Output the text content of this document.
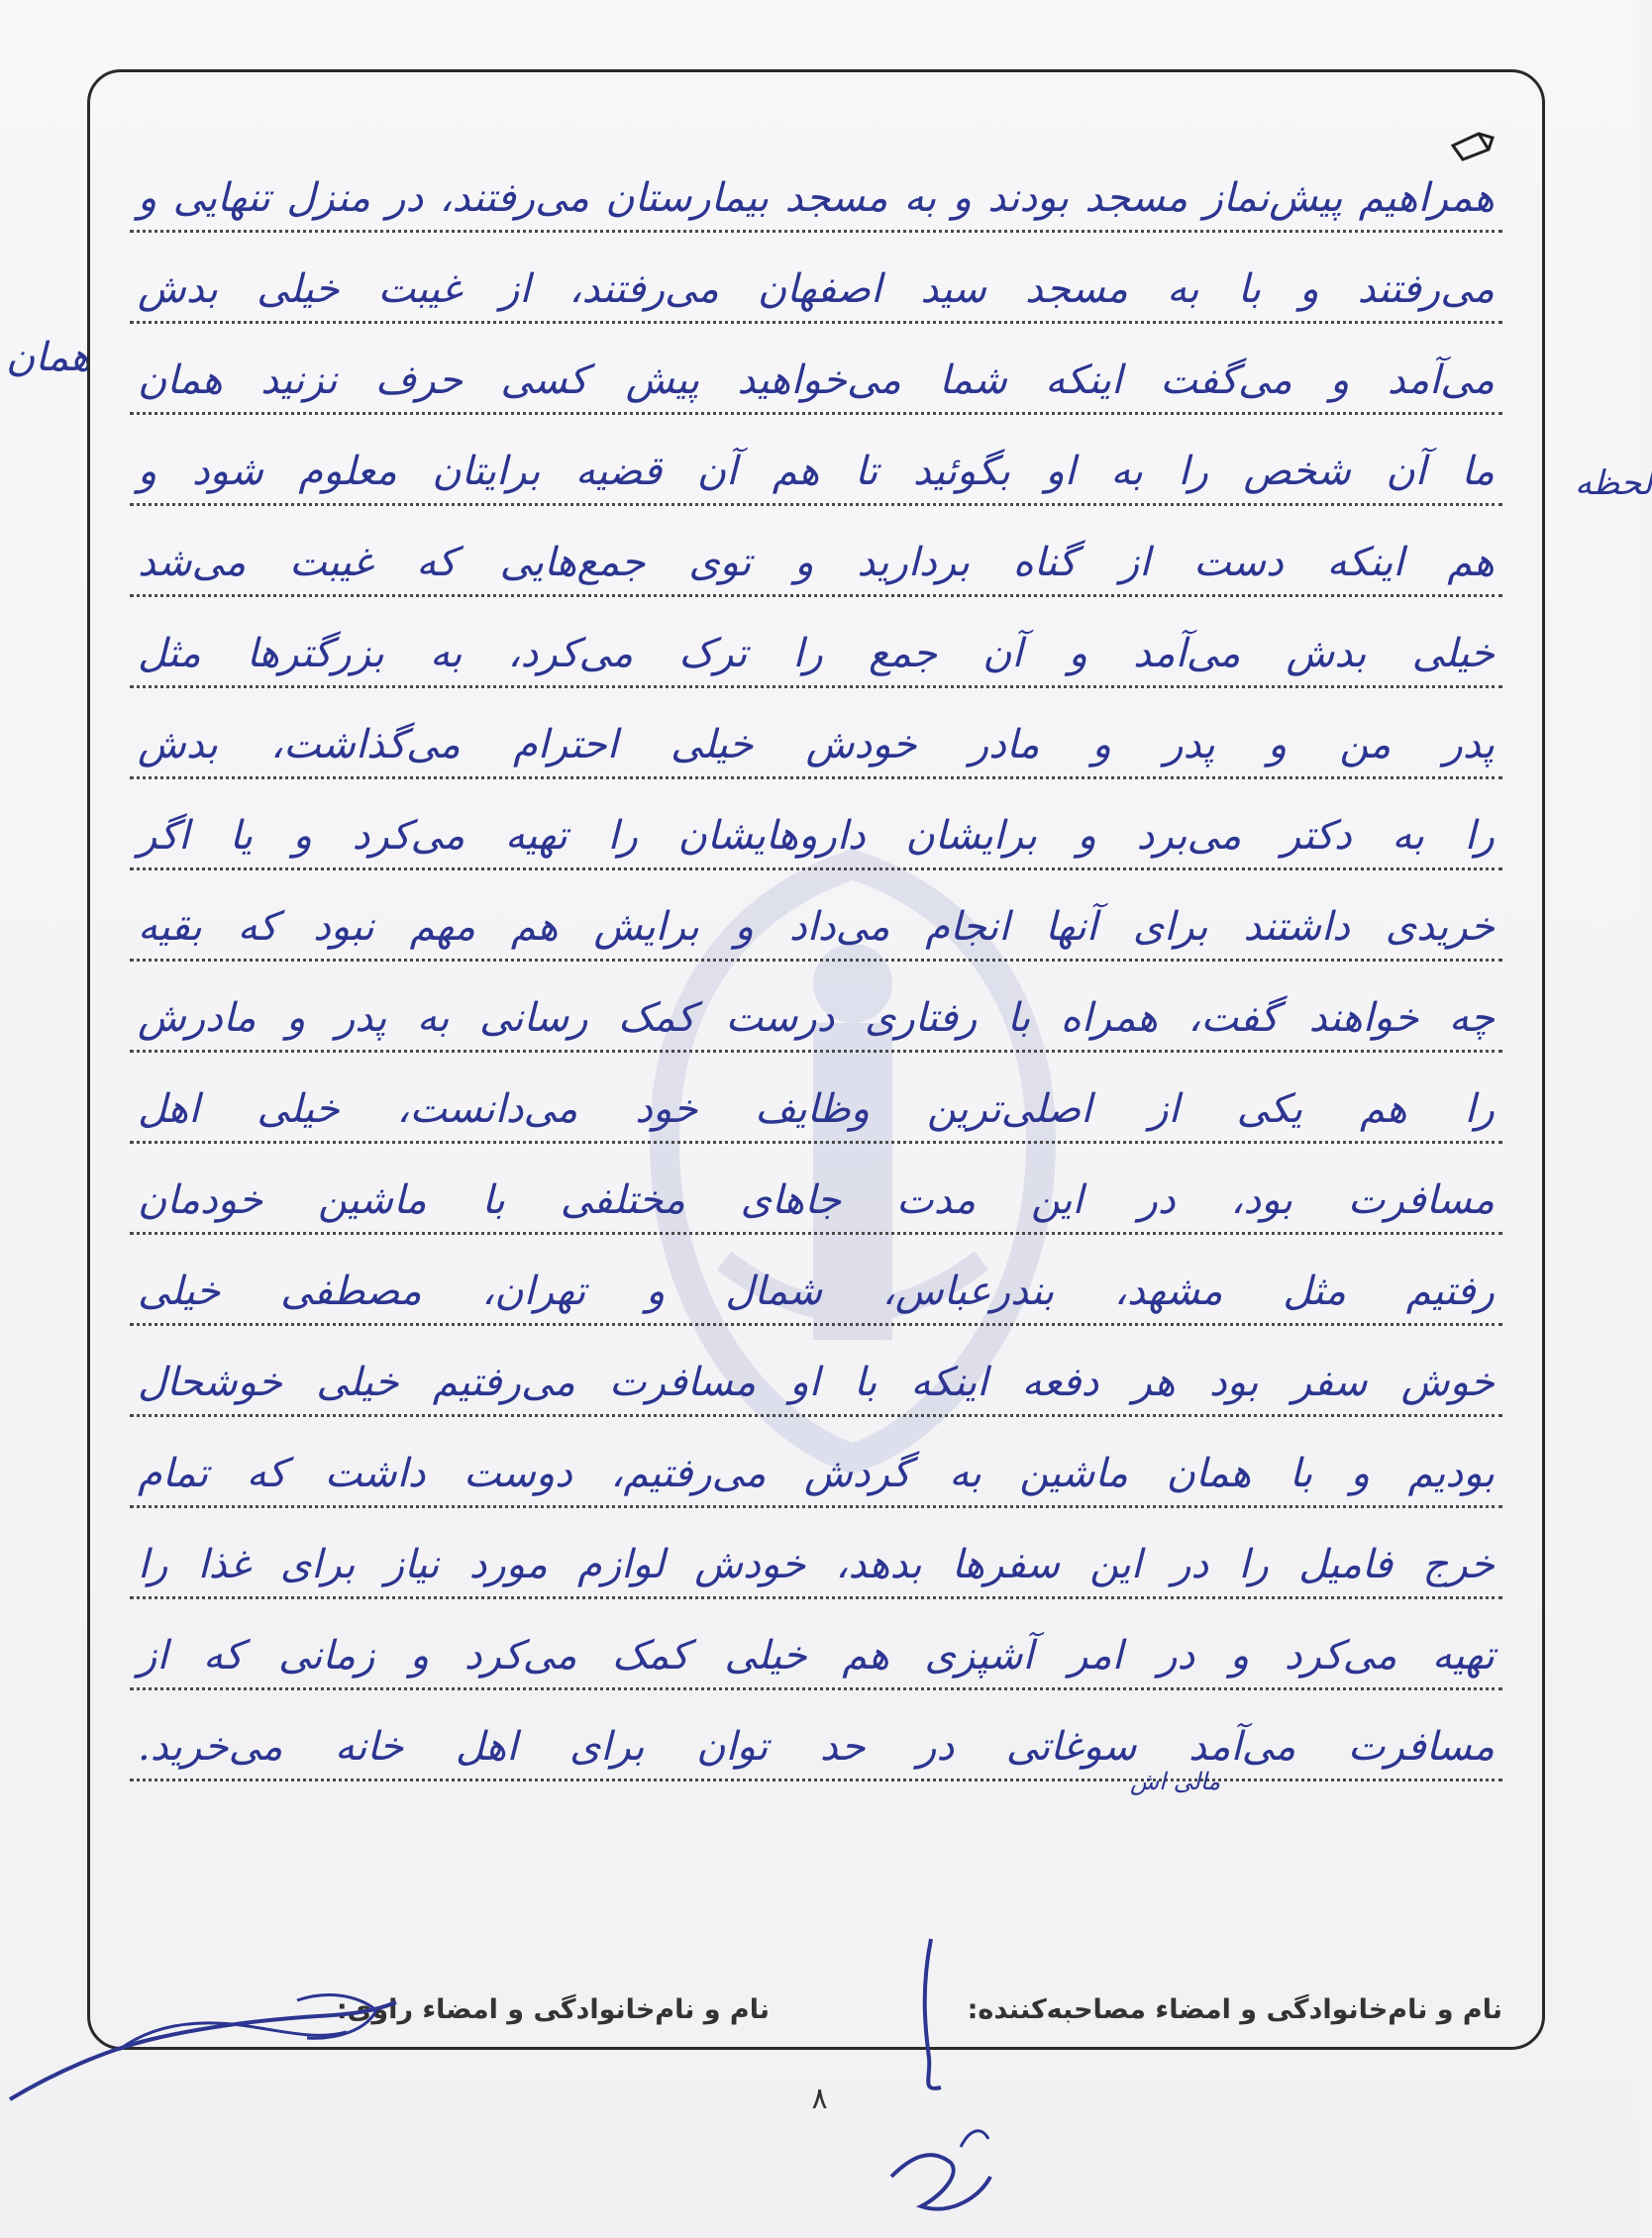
همان
لحظه
همراهیم پیش‌نماز مسجد بودند و به مسجد بیمارستان می‌رفتند، در منزل تنهایی و
می‌رفتند و با به مسجد سید اصفهان می‌رفتند، از غیبت خیلی بدش
می‌آمد و می‌گفت اینکه شما می‌خواهید پیش کسی حرف نزنید همان
ما آن شخص را به او بگوئید تا هم آن قضیه برایتان معلوم شود و
هم اینکه دست از گناه بردارید و توی جمع‌هایی که غیبت می‌شد
خیلی بدش می‌آمد و آن جمع را ترک می‌کرد، به بزرگترها مثل
پدر من و پدر و مادر خودش خیلی احترام می‌گذاشت، بدش
را به دکتر می‌برد و برایشان داروهایشان را تهیه می‌کرد و یا اگر
خریدی داشتند برای آنها انجام می‌داد و برایش هم مهم نبود که بقیه
چه خواهند گفت، همراه با رفتاری درست کمک رسانی به پدر و مادرش
را هم یکی از اصلی‌ترین وظایف خود می‌دانست، خیلی اهل
مسافرت بود، در این مدت جاهای مختلفی با ماشین خودمان
رفتیم مثل مشهد، بندرعباس، شمال و تهران، مصطفی خیلی
خوش سفر بود هر دفعه اینکه با او مسافرت می‌رفتیم خیلی خوشحال
بودیم و با همان ماشین به گردش می‌رفتیم، دوست داشت که تمام
خرج فامیل را در این سفرها بدهد، خودش لوازم مورد نیاز برای غذا را
تهیه می‌کرد و در امر آشپزی هم خیلی کمک می‌کرد و زمانی که از
مسافرت می‌آمد سوغاتی در حد توان برای اهل خانه می‌خرید.
مالی اش
نام و نام‌خانوادگی و امضاء مصاحبه‌کننده:
نام و نام‌خانوادگی و امضاء راوی:
۸
